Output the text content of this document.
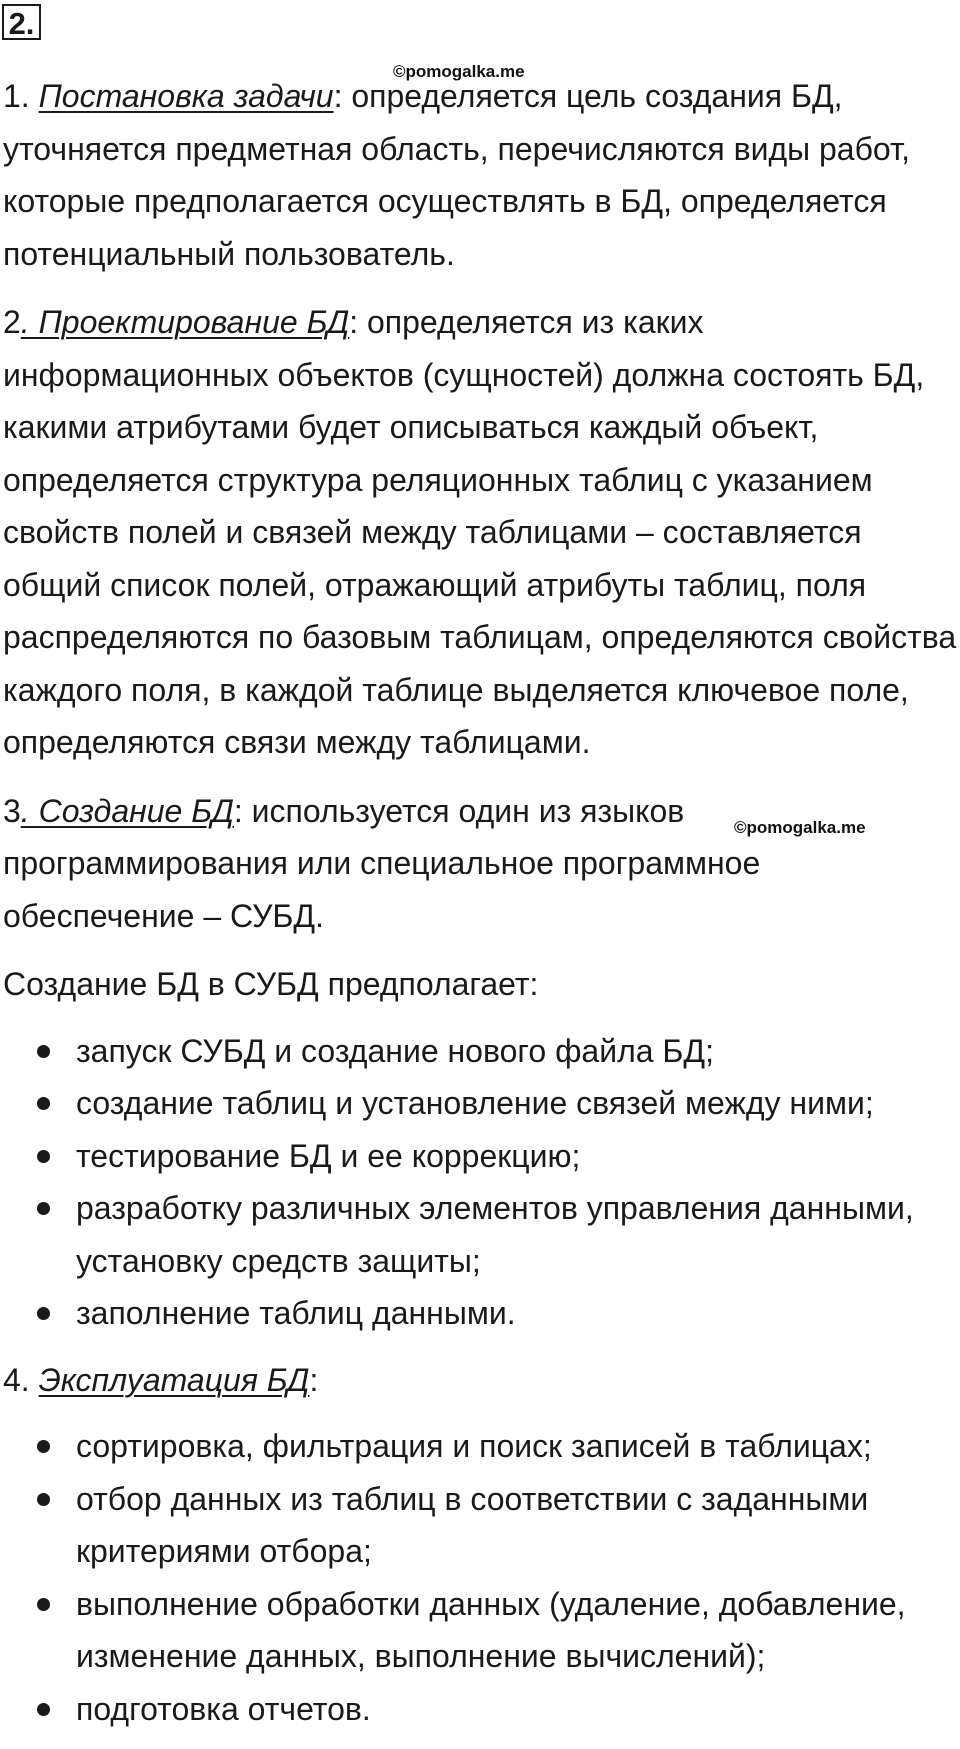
2.
©pomogalka.me
©pomogalka.me

1. Постановка задачи: определяется цель создания БД, уточняется предметная область, перечисляются виды работ, которые предполагается осуществлять в БД, определяется потенциальный пользователь.

2. Проектирование БД: определяется из каких информационных объектов (сущностей) должна состоять БД, какими атрибутами будет описываться каждый объект, определяется структура реляционных таблиц с указанием свойств полей и связей между таблицами – составляется общий список полей, отражающий атрибуты таблиц, поля распределяются по базовым таблицам, определяются свойства каждого поля, в каждой таблице выделяется ключевое поле, определяются связи между таблицами.

3. Создание БД: используется один из языков программирования или специальное программное обеспечение – СУБД.

Создание БД в СУБД предполагает:

запуск СУБД и создание нового файла БД;
создание таблиц и установление связей между ними;
тестирование БД и ее коррекцию;
разработку различных элементов управления данными, установку средств защиты;
заполнение таблиц данными.

4. Эксплуатация БД:

сортировка, фильтрация и поиск записей в таблицах;
отбор данных из таблиц в соответствии с заданными критериями отбора;
выполнение обработки данных (удаление, добавление, изменение данных, выполнение вычислений);
подготовка отчетов.
